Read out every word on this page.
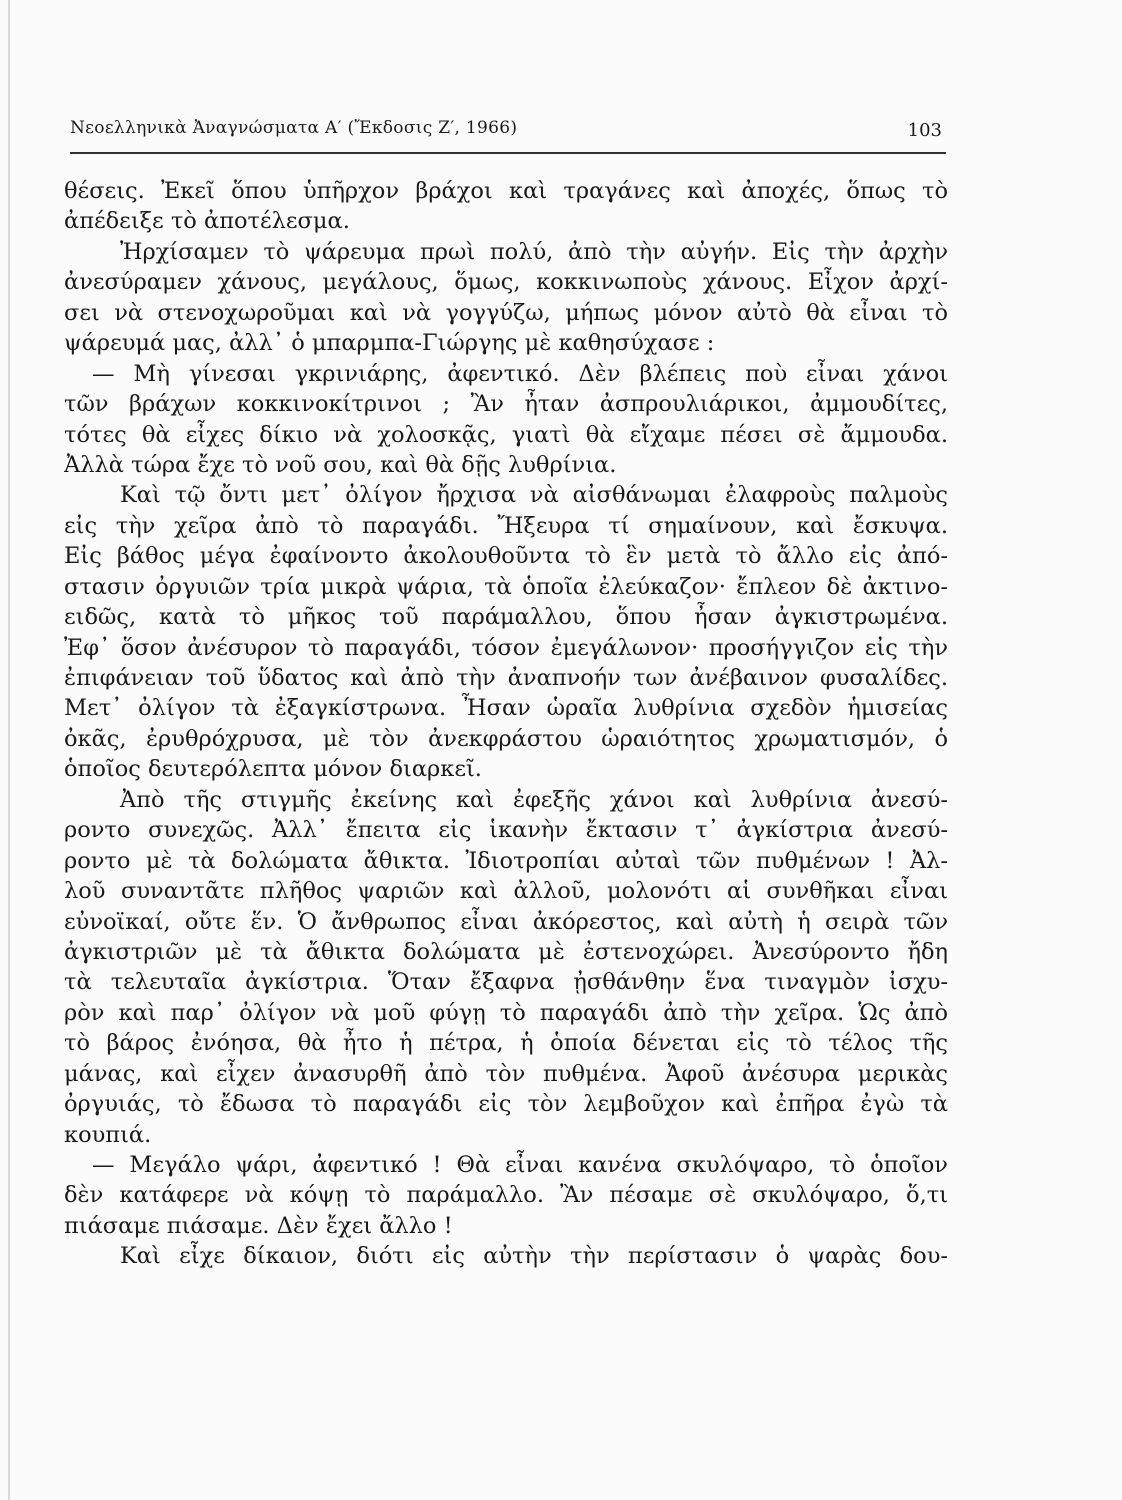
Νεοελληνικὰ Ἀναγνώσματα Α′ (Ἔκδοσις Ζ′, 1966)	103
θέσεις. Ἐκεῖ ὅπου ὑπῆρχον βράχοι καὶ τραγάνες καὶ ἀποχές, ὅπως τὸ
ἀπέδειξε τὸ ἀποτέλεσμα.
Ἠρχίσαμεν τὸ ψάρευμα πρωὶ πολύ, ἀπὸ τὴν αὐγήν. Εἰς τὴν ἀρχὴν
ἀνεσύραμεν χάνους, μεγάλους, ὅμως, κοκκινωποὺς χάνους. Εἶχον ἀρχί-
σει νὰ στενοχωροῦμαι καὶ νὰ γογγύζω, μήπως μόνον αὐτὸ θὰ εἶναι τὸ
ψάρευμά μας, ἀλλ᾽ ὁ μπαρμπα-Γιώργης μὲ καθησύχασε :
— Μὴ γίνεσαι γκρινιάρης, ἀφεντικό. Δὲν βλέπεις ποὺ εἶναι χάνοι
τῶν βράχων κοκκινοκίτρινοι ; Ἂν ἦταν ἀσπρουλιάρικοι, ἀμμουδίτες,
τότες θὰ εἶχες δίκιο νὰ χολοσκᾷς, γιατὶ θὰ εἴχαμε πέσει σὲ ἄμμουδα.
Ἀλλὰ τώρα ἔχε τὸ νοῦ σου, καὶ θὰ δῇς λυθρίνια.
Καὶ τῷ ὄντι μετ᾽ ὀλίγον ἤρχισα νὰ αἰσθάνωμαι ἐλαφροὺς παλμοὺς
εἰς τὴν χεῖρα ἀπὸ τὸ παραγάδι. Ἤξευρα τί σημαίνουν, καὶ ἔσκυψα.
Εἰς βάθος μέγα ἐφαίνοντο ἀκολουθοῦντα τὸ ἓν μετὰ τὸ ἄλλο εἰς ἀπό-
στασιν ὀργυιῶν τρία μικρὰ ψάρια, τὰ ὁποῖα ἐλεύκαζον· ἔπλεον δὲ ἀκτινο-
ειδῶς, κατὰ τὸ μῆκος τοῦ παράμαλλου, ὅπου ἦσαν ἀγκιστρωμένα.
Ἐφ᾽ ὅσον ἀνέσυρον τὸ παραγάδι, τόσον ἐμεγάλωνον· προσήγγιζον εἰς τὴν
ἐπιφάνειαν τοῦ ὕδατος καὶ ἀπὸ τὴν ἀναπνοήν των ἀνέβαινον φυσαλίδες.
Μετ᾽ ὀλίγον τὰ ἐξαγκίστρωνα. Ἦσαν ὡραῖα λυθρίνια σχεδὸν ἡμισείας
ὀκᾶς, ἐρυθρόχρυσα, μὲ τὸν ἀνεκφράστου ὡραιότητος χρωματισμόν, ὁ
ὁποῖος δευτερόλεπτα μόνον διαρκεῖ.
Ἀπὸ τῆς στιγμῆς ἐκείνης καὶ ἐφεξῆς χάνοι καὶ λυθρίνια ἀνεσύ-
ροντο συνεχῶς. Ἀλλ᾽ ἔπειτα εἰς ἱκανὴν ἔκτασιν τ᾽ ἀγκίστρια ἀνεσύ-
ροντο μὲ τὰ δολώματα ἄθικτα. Ἰδιοτροπίαι αὐταὶ τῶν πυθμένων ! Ἀλ-
λοῦ συναντᾶτε πλῆθος ψαριῶν καὶ ἀλλοῦ, μολονότι αἱ συνθῆκαι εἶναι
εὐνοϊκαί, οὔτε ἕν. Ὁ ἄνθρωπος εἶναι ἀκόρεστος, καὶ αὐτὴ ἡ σειρὰ τῶν
ἀγκιστριῶν μὲ τὰ ἄθικτα δολώματα μὲ ἐστενοχώρει. Ἀνεσύροντο ἤδη
τὰ τελευταῖα ἀγκίστρια. Ὅταν ἔξαφνα ᾐσθάνθην ἕνα τιναγμὸν ἰσχυ-
ρὸν καὶ παρ᾽ ὀλίγον νὰ μοῦ φύγῃ τὸ παραγάδι ἀπὸ τὴν χεῖρα. Ὡς ἀπὸ
τὸ βάρος ἐνόησα, θὰ ἦτο ἡ πέτρα, ἡ ὁποία δένεται εἰς τὸ τέλος τῆς
μάνας, καὶ εἶχεν ἀνασυρθῆ ἀπὸ τὸν πυθμένα. Ἀφοῦ ἀνέσυρα μερικὰς
ὀργυιάς, τὸ ἔδωσα τὸ παραγάδι εἰς τὸν λεμβοῦχον καὶ ἐπῆρα ἐγὼ τὰ
κουπιά.
— Μεγάλο ψάρι, ἀφεντικό ! Θὰ εἶναι κανένα σκυλόψαρο, τὸ ὁποῖον
δὲν κατάφερε νὰ κόψῃ τὸ παράμαλλο. Ἂν πέσαμε σὲ σκυλόψαρο, ὅ,τι
πιάσαμε πιάσαμε. Δὲν ἔχει ἄλλο !
Καὶ εἶχε δίκαιον, διότι εἰς αὐτὴν τὴν περίστασιν ὁ ψαρὰς δου-
